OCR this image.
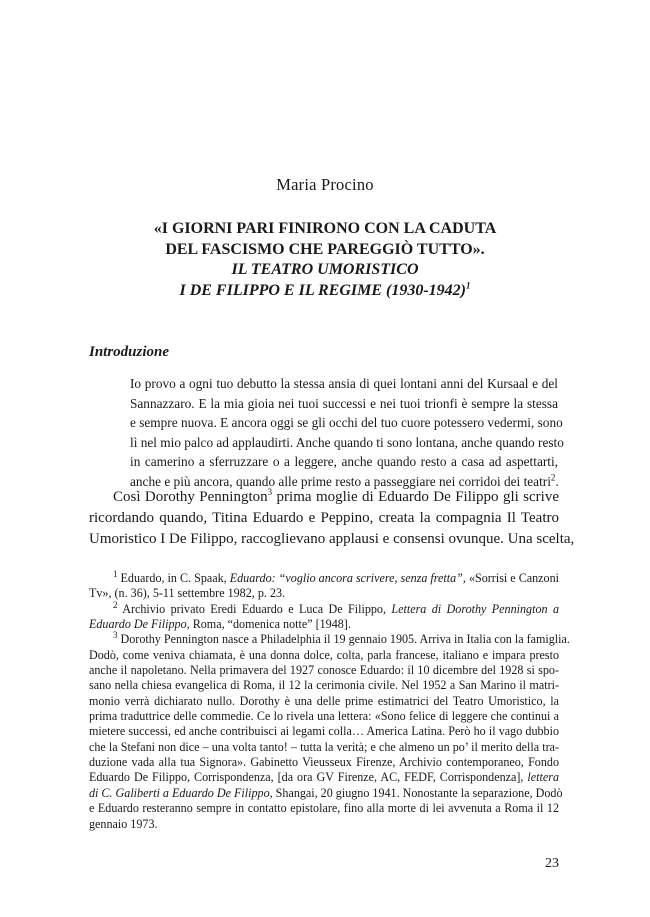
Maria Procino
«I GIORNI PARI FINIRONO CON LA CADUTA
DEL FASCISMO CHE PAREGGIÒ TUTTO».
IL TEATRO UMORISTICO
I DE FILIPPO E IL REGIME (1930-1942)$^1$
Introduzione
Io provo a ogni tuo debutto la stessa ansia di quei lontani anni del Kursaal e del
Sannazzaro. E la mia gioia nei tuoi successi e nei tuoi trionfi è sempre la stessa
e sempre nuova. E ancora oggi se gli occhi del tuo cuore potessero vedermi, sono
lì nel mio palco ad applaudirti. Anche quando ti sono lontana, anche quando resto
in camerino a sferruzzare o a leggere, anche quando resto a casa ad aspettarti,
anche e più ancora, quando alle prime resto a passeggiare nei corridoi dei teatri$^2$.
Così Dorothy Pennington$^3$ prima moglie di Eduardo De Filippo gli scrive
ricordando quando, Titina Eduardo e Peppino, creata la compagnia Il Teatro
Umoristico I De Filippo, raccoglievano applausi e consensi ovunque. Una scelta,
$^1$ Eduardo, in C. Spaak, Eduardo: “voglio ancora scrivere, senza fretta”, «Sorrisi e Canzoni
Tv», (n. 36), 5-11 settembre 1982, p. 23.
$^2$ Archivio privato Eredi Eduardo e Luca De Filippo, Lettera di Dorothy Pennington a
Eduardo De Filippo, Roma, “domenica notte” [1948].
$^3$ Dorothy Pennington nasce a Philadelphia il 19 gennaio 1905. Arriva in Italia con la famiglia.
Dodò, come veniva chiamata, è una donna dolce, colta, parla francese, italiano e impara presto
anche il napoletano. Nella primavera del 1927 conosce Eduardo: il 10 dicembre del 1928 si spo-
sano nella chiesa evangelica di Roma, il 12 la cerimonia civile. Nel 1952 a San Marino il matri-
monio verrà dichiarato nullo. Dorothy è una delle prime estimatrici del Teatro Umoristico, la
prima traduttrice delle commedie. Ce lo rivela una lettera: «Sono felice di leggere che continui a
mietere successi, ed anche contribuisci ai legami colla… America Latina. Però ho il vago dubbio
che la Stefani non dice – una volta tanto! – tutta la verità; e che almeno un po’ il merito della tra-
duzione vada alla tua Signora». Gabinetto Vieusseux Firenze, Archivio contemporaneo, Fondo
Eduardo De Filippo, Corrispondenza, [da ora GV Firenze, AC, FEDF, Corrispondenza], lettera
di C. Galiberti a Eduardo De Filippo, Shangai, 20 giugno 1941. Nonostante la separazione, Dodò
e Eduardo resteranno sempre in contatto epistolare, fino alla morte di lei avvenuta a Roma il 12
gennaio 1973.
23
